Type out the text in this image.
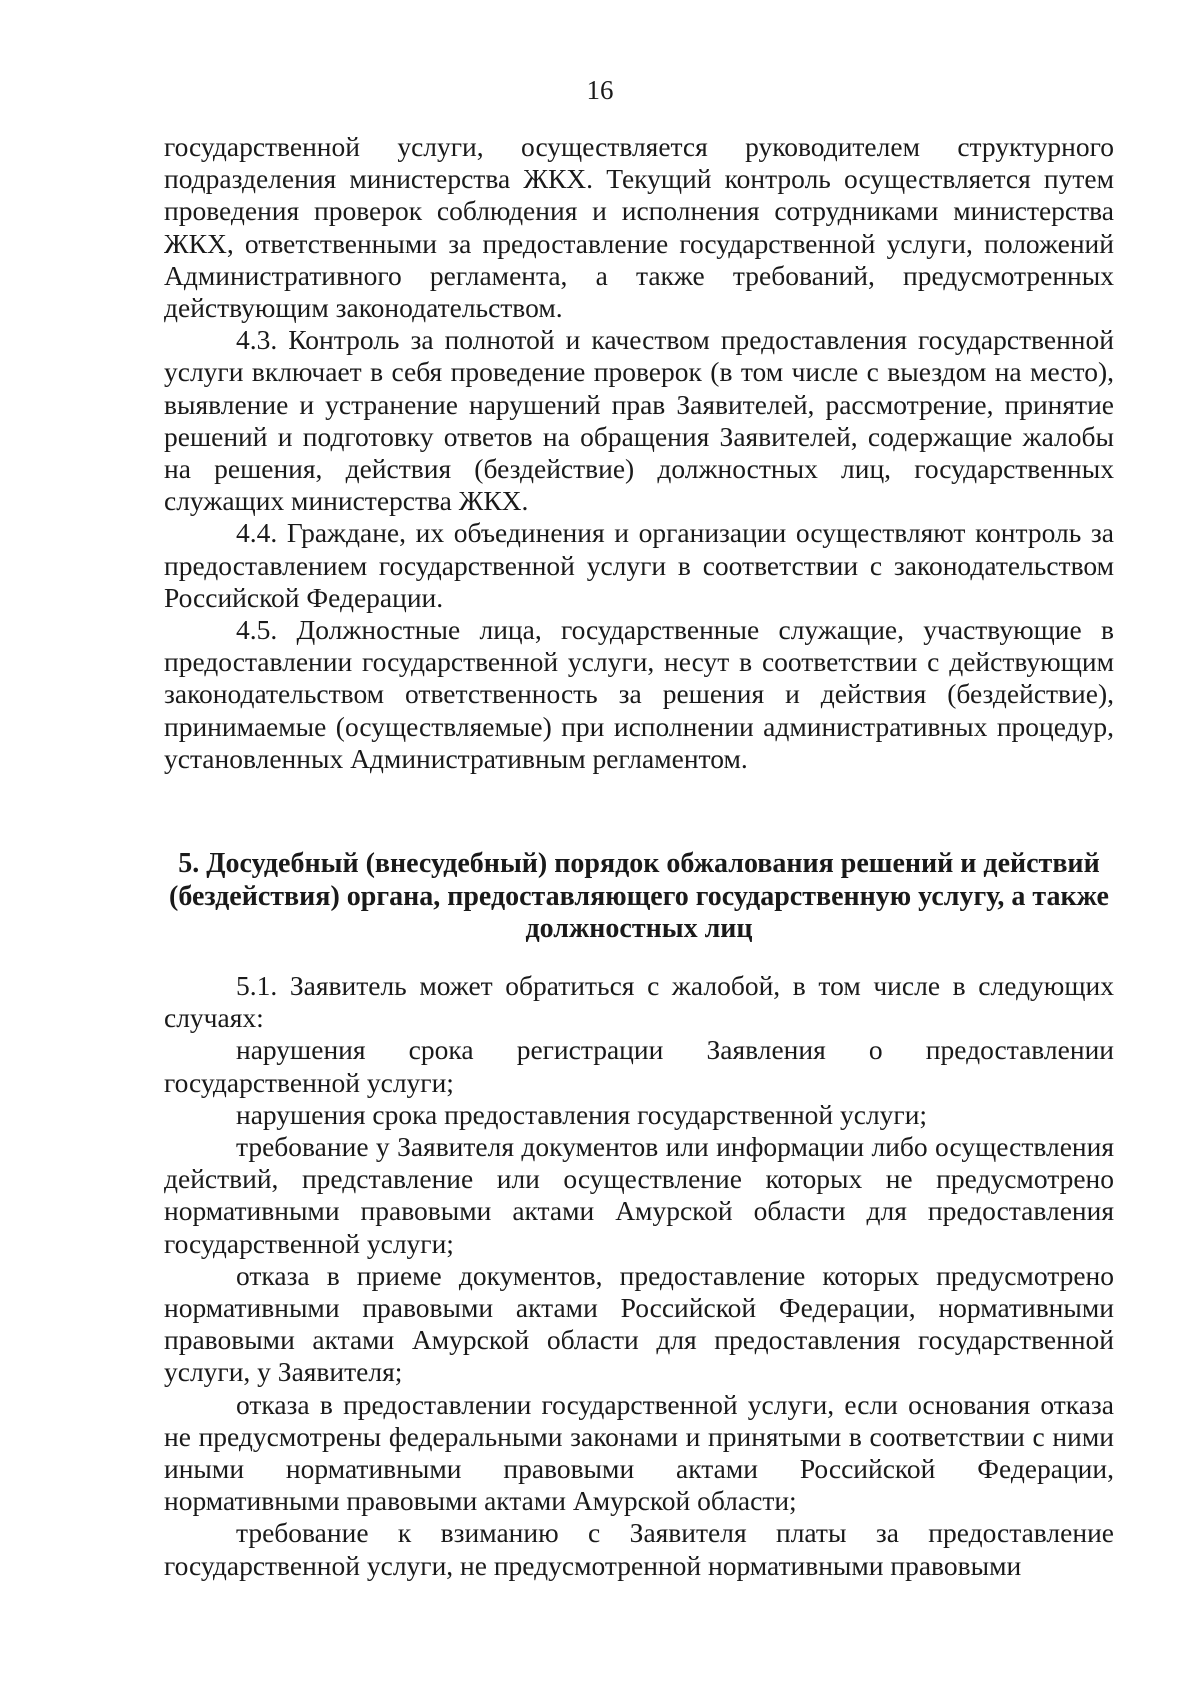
16

государственной услуги, осуществляется руководителем структурного подразделения министерства ЖКХ. Текущий контроль осуществляется путем проведения проверок соблюдения и исполнения сотрудниками министерства ЖКХ, ответственными за предоставление государственной услуги, положений Административного регламента, а также требований, предусмотренных действующим законодательством.

4.3. Контроль за полнотой и качеством предоставления государственной услуги включает в себя проведение проверок (в том числе с выездом на место), выявление и устранение нарушений прав Заявителей, рассмотрение, принятие решений и подготовку ответов на обращения Заявителей, содержащие жалобы на решения, действия (бездействие) должностных лиц, государственных служащих министерства ЖКХ.

4.4. Граждане, их объединения и организации осуществляют контроль за предоставлением государственной услуги в соответствии с законодательством Российской Федерации.

4.5. Должностные лица, государственные служащие, участвующие в предоставлении государственной услуги, несут в соответствии с действующим законодательством ответственность за решения и действия (бездействие), принимаемые (осуществляемые) при исполнении административных процедур, установленных Административным регламентом.

5. Досудебный (внесудебный) порядок обжалования решений и действий (бездействия) органа, предоставляющего государственную услугу, а также должностных лиц

5.1. Заявитель может обратиться с жалобой, в том числе в следующих случаях:

нарушения срока регистрации Заявления о предоставлении государственной услуги;

нарушения срока предоставления государственной услуги;

требование у Заявителя документов или информации либо осуществления действий, представление или осуществление которых не предусмотрено нормативными правовыми актами Амурской области для предоставления государственной услуги;

отказа в приеме документов, предоставление которых предусмотрено нормативными правовыми актами Российской Федерации, нормативными правовыми актами Амурской области для предоставления государственной услуги, у Заявителя;

отказа в предоставлении государственной услуги, если основания отказа не предусмотрены федеральными законами и принятыми в соответствии с ними иными нормативными правовыми актами Российской Федерации, нормативными правовыми актами Амурской области;

требование к взиманию с Заявителя платы за предоставление государственной услуги, не предусмотренной нормативными правовыми
